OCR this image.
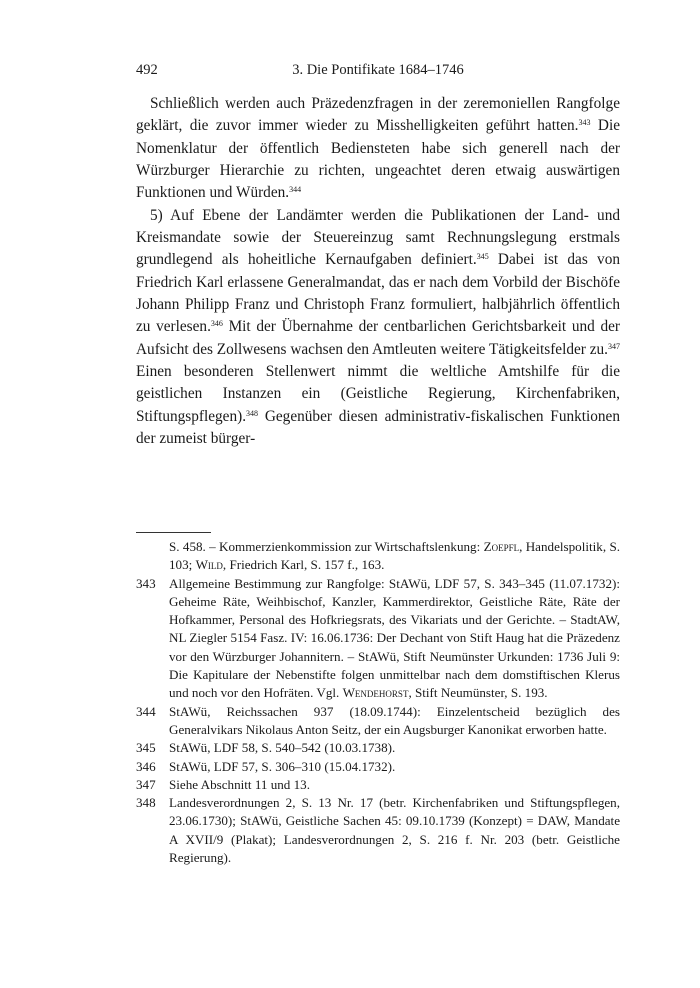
492	3. Die Pontifikate 1684–1746

Schließlich werden auch Präzedenzfragen in der zeremoniellen Rangfolge geklärt, die zuvor immer wieder zu Misshelligkeiten geführt hatten.$^{343}$ Die Nomenklatur der öffentlich Bediensteten habe sich generell nach der Würzburger Hierarchie zu richten, ungeachtet deren etwaig auswärtigen Funktionen und Würden.$^{344}$

5) Auf Ebene der Landämter werden die Publikationen der Land- und Kreismandate sowie der Steuereinzug samt Rechnungslegung erstmals grundlegend als hoheitliche Kernaufgaben definiert.$^{345}$ Dabei ist das von Friedrich Karl erlassene Generalmandat, das er nach dem Vorbild der Bischöfe Johann Philipp Franz und Christoph Franz formuliert, halbjährlich öffentlich zu verlesen.$^{346}$ Mit der Übernahme der centbarlichen Gerichtsbarkeit und der Aufsicht des Zollwesens wachsen den Amtleuten weitere Tätigkeitsfelder zu.$^{347}$ Einen besonderen Stellenwert nimmt die weltliche Amtshilfe für die geistlichen Instanzen ein (Geistliche Regierung, Kirchenfabriken, Stiftungspflegen).$^{348}$ Gegenüber diesen administrativ-fiskalischen Funktionen der zumeist bürger-

S. 458. – Kommerzienkommission zur Wirtschaftslenkung: Zoepfl, Handelspolitik, S. 103; Wild, Friedrich Karl, S. 157 f., 163.
343	Allgemeine Bestimmung zur Rangfolge: StAWü, LDF 57, S. 343–345 (11.07.1732): Geheime Räte, Weihbischof, Kanzler, Kammerdirektor, Geistliche Räte, Räte der Hofkammer, Personal des Hofkriegsrats, des Vikariats und der Gerichte. – StadtAW, NL Ziegler 5154 Fasz. IV: 16.06.1736: Der Dechant von Stift Haug hat die Präzedenz vor den Würzburger Johannitern. – StAWü, Stift Neumünster Urkunden: 1736 Juli 9: Die Kapitulare der Nebenstifte folgen unmittelbar nach dem domstiftischen Klerus und noch vor den Hofräten. Vgl. Wendehorst, Stift Neumünster, S. 193.
344	StAWü, Reichssachen 937 (18.09.1744): Einzelentscheid bezüglich des Generalvikars Nikolaus Anton Seitz, der ein Augsburger Kanonikat erworben hatte.
345	StAWü, LDF 58, S. 540–542 (10.03.1738).
346	StAWü, LDF 57, S. 306–310 (15.04.1732).
347	Siehe Abschnitt 11 und 13.
348	Landesverordnungen 2, S. 13 Nr. 17 (betr. Kirchenfabriken und Stiftungspflegen, 23.06.1730); StAWü, Geistliche Sachen 45: 09.10.1739 (Konzept) = DAW, Mandate A XVII/9 (Plakat); Landesverordnungen 2, S. 216 f. Nr. 203 (betr. Geistliche Regierung).
